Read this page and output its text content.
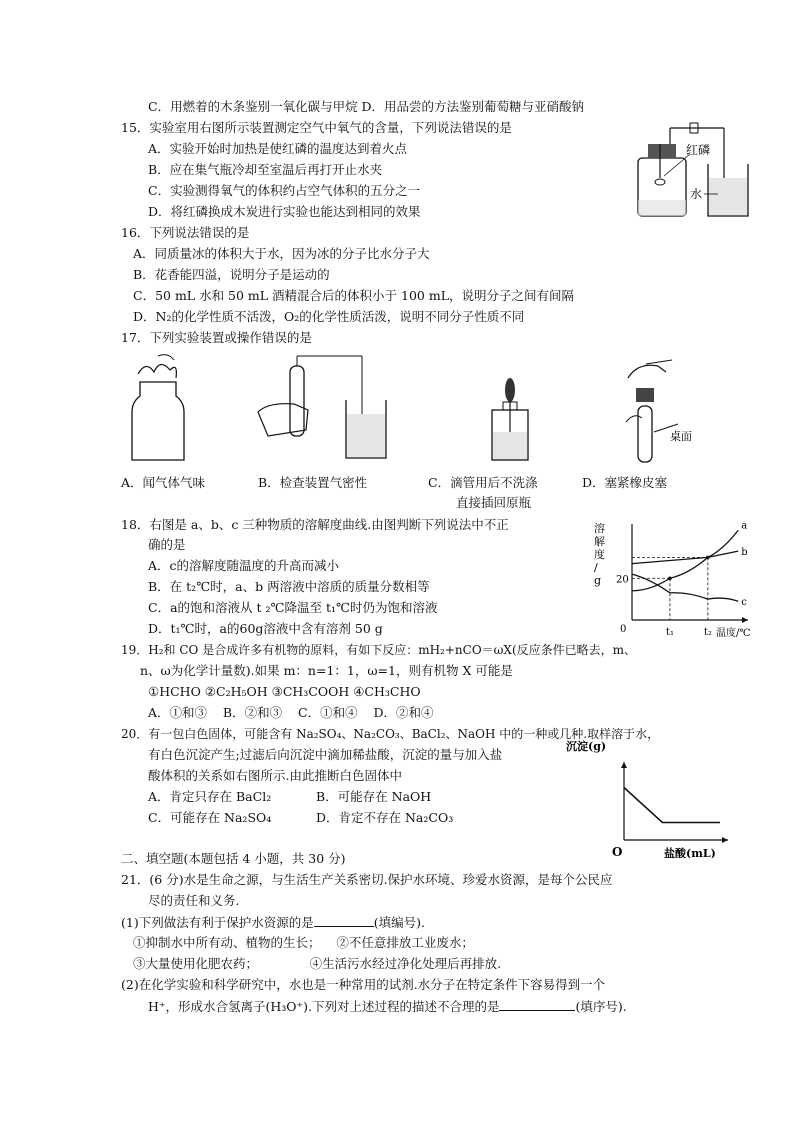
C．用燃着的木条鉴别一氧化碳与甲烷 D．用品尝的方法鉴别葡萄糖与亚硝酸钠
15．实验室用右图所示装置测定空气中氧气的含量，下列说法错误的是
A．实验开始时加热是使红磷的温度达到着火点
B．应在集气瓶冷却至室温后再打开止水夹
C．实验测得氧气的体积约占空气体积的五分之一
D．将红磷换成木炭进行实验也能达到相同的效果
16．下列说法错误的是
A．同质量冰的体积大于水，因为冰的分子比水分子大
B．花香能四溢，说明分子是运动的
C．50 mL 水和 50 mL 酒精混合后的体积小于 100 mL，说明分子之间有间隔
D．N₂的化学性质不活泼，O₂的化学性质活泼，说明不同分子性质不同
17．下列实验装置或操作错误的是
A．闻气体气味	B．检查装置气密性	C．滴管用后不洗涤
直接插回原瓶
D．塞紧橡皮塞
18．右图是 a、b、c 三种物质的溶解度曲线.由图判断下列说法中不正
确的是
A．c的溶解度随温度的升高而减小
B．在 t₂℃时，a、b 两溶液中溶质的质量分数相等
C．a的饱和溶液从 t ₂℃降温至 t₁℃时仍为饱和溶液
D．t₁℃时，a的60g溶液中含有溶剂 50 g
19．H₂和 CO 是合成许多有机物的原料，有如下反应：mH₂+nCO＝ωX(反应条件已略去，m、
n、ω为化学计量数).如果 m：n=1：1，ω=1，则有机物 X 可能是
①HCHO ②C₂H₅OH ③CH₃COOH ④CH₃CHO
A．①和③    B．②和③    C．①和④    D．②和④
20．有一包白色固体，可能含有 Na₂SO₄、Na₂CO₃、BaCl₂、NaOH 中的一种或几种.取样溶于水，
有白色沉淀产生;过滤后向沉淀中滴加稀盐酸，沉淀的量与加入盐
酸体积的关系如右图所示.由此推断白色固体中
A．肯定只存在 BaCl₂	B．可能存在 NaOH
C．可能存在 Na₂SO₄	D．肯定不存在 Na₂CO₃
二、填空题(本题包括 4 小题，共 30 分)
21．(6 分)水是生命之源，与生活生产关系密切.保护水环境、珍爱水资源，是每个公民应
尽的责任和义务.
(1)下列做法有利于保护水资源的是	(填编号).
①抑制水中所有动、植物的生长；    ②不任意排放工业废水；
③大量使用化肥农药；             ④生活污水经过净化处理后再排放.
(2)在化学实验和科学研究中，水也是一种常用的试剂.水分子在特定条件下容易得到一个
H⁺，形成水合氢离子(H₃O⁺).下列对上述过程的描述不合理的是	(填序号).
红磷
水
桌面
溶
解
度
/
g
温度/℃
t₁	t₂
0
20
a
b
c
沉淀(g)
盐酸(mL)
O
